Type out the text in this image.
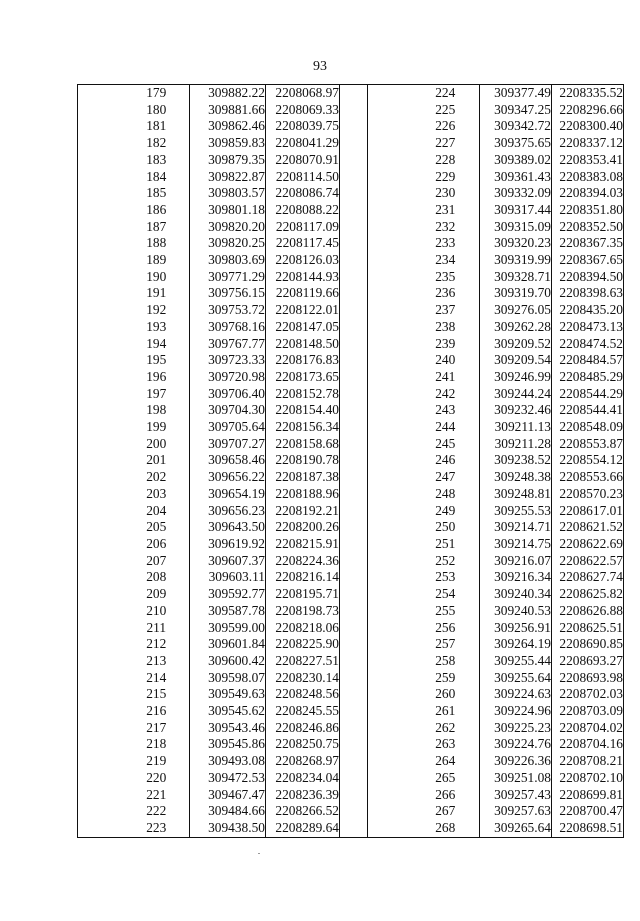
93
	179	309882.22	2208068.97			224	309377.49	2208335.52
	180	309881.66	2208069.33			225	309347.25	2208296.66
	181	309862.46	2208039.75			226	309342.72	2208300.40
	182	309859.83	2208041.29			227	309375.65	2208337.12
	183	309879.35	2208070.91			228	309389.02	2208353.41
	184	309822.87	2208114.50			229	309361.43	2208383.08
	185	309803.57	2208086.74			230	309332.09	2208394.03
	186	309801.18	2208088.22			231	309317.44	2208351.80
	187	309820.20	2208117.09			232	309315.09	2208352.50
	188	309820.25	2208117.45			233	309320.23	2208367.35
	189	309803.69	2208126.03			234	309319.99	2208367.65
	190	309771.29	2208144.93			235	309328.71	2208394.50
	191	309756.15	2208119.66			236	309319.70	2208398.63
	192	309753.72	2208122.01			237	309276.05	2208435.20
	193	309768.16	2208147.05			238	309262.28	2208473.13
	194	309767.77	2208148.50			239	309209.52	2208474.52
	195	309723.33	2208176.83			240	309209.54	2208484.57
	196	309720.98	2208173.65			241	309246.99	2208485.29
	197	309706.40	2208152.78			242	309244.24	2208544.29
	198	309704.30	2208154.40			243	309232.46	2208544.41
	199	309705.64	2208156.34			244	309211.13	2208548.09
	200	309707.27	2208158.68			245	309211.28	2208553.87
	201	309658.46	2208190.78			246	309238.52	2208554.12
	202	309656.22	2208187.38			247	309248.38	2208553.66
	203	309654.19	2208188.96			248	309248.81	2208570.23
	204	309656.23	2208192.21			249	309255.53	2208617.01
	205	309643.50	2208200.26			250	309214.71	2208621.52
	206	309619.92	2208215.91			251	309214.75	2208622.69
	207	309607.37	2208224.36			252	309216.07	2208622.57
	208	309603.11	2208216.14			253	309216.34	2208627.74
	209	309592.77	2208195.71			254	309240.34	2208625.82
	210	309587.78	2208198.73			255	309240.53	2208626.88
	211	309599.00	2208218.06			256	309256.91	2208625.51
	212	309601.84	2208225.90			257	309264.19	2208690.85
	213	309600.42	2208227.51			258	309255.44	2208693.27
	214	309598.07	2208230.14			259	309255.64	2208693.98
	215	309549.63	2208248.56			260	309224.63	2208702.03
	216	309545.62	2208245.55			261	309224.96	2208703.09
	217	309543.46	2208246.86			262	309225.23	2208704.02
	218	309545.86	2208250.75			263	309224.76	2208704.16
	219	309493.08	2208268.97			264	309226.36	2208708.21
	220	309472.53	2208234.04			265	309251.08	2208702.10
	221	309467.47	2208236.39			266	309257.43	2208699.81
	222	309484.66	2208266.52			267	309257.63	2208700.47
	223	309438.50	2208289.64			268	309265.64	2208698.51
